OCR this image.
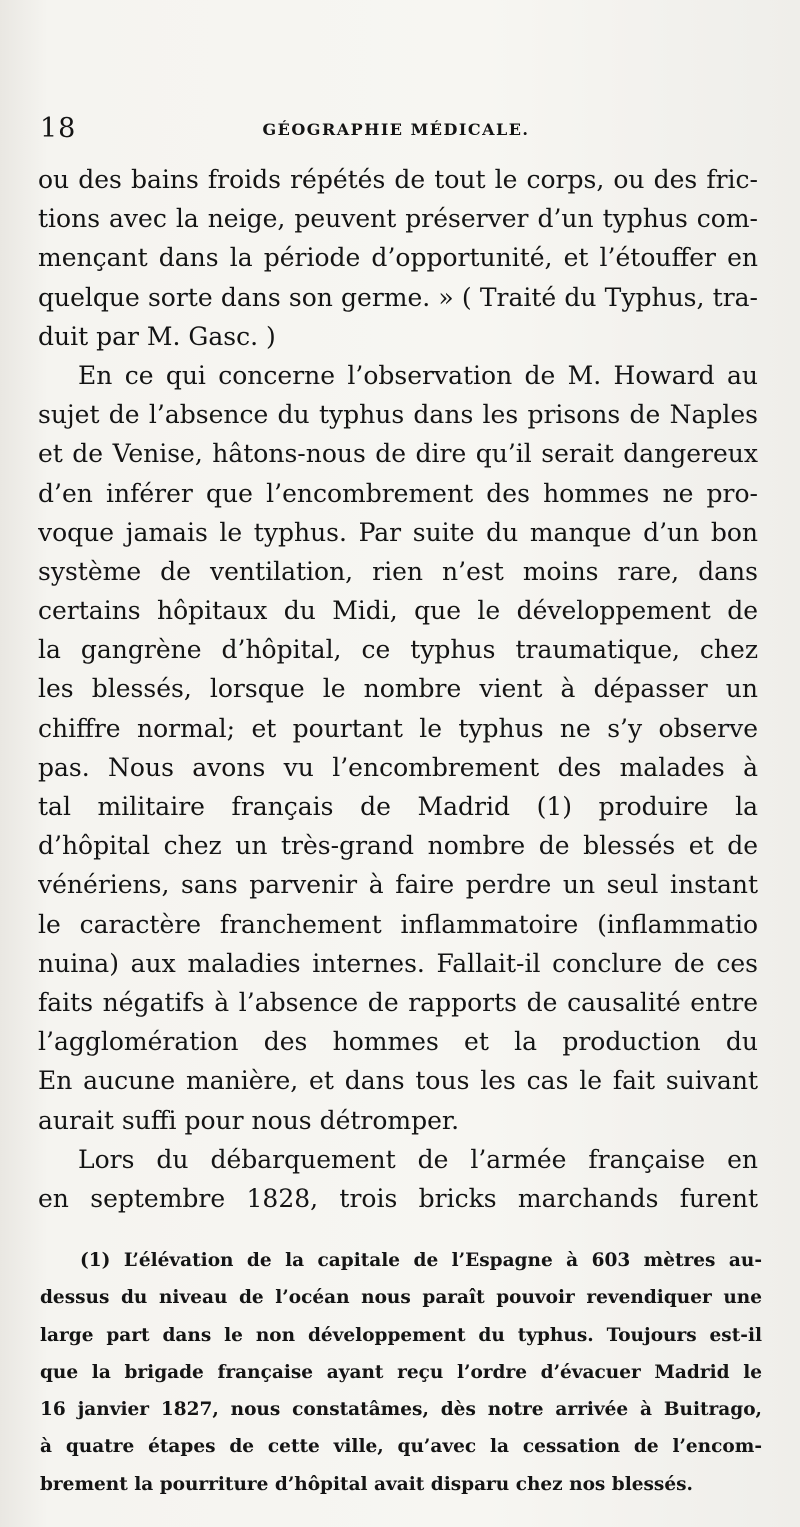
18	GÉOGRAPHIE MÉDICALE.
ou des bains froids répétés de tout le corps, ou des fric-
tions avec la neige, peuvent préserver d’un typhus com-
mençant dans la période d’opportunité, et l’étouffer en
quelque sorte dans son germe. » ( Traité du Typhus, tra-
duit par M. Gasc. )
En ce qui concerne l’observation de M. Howard au
sujet de l’absence du typhus dans les prisons de Naples
et de Venise, hâtons-nous de dire qu’il serait dangereux
d’en inférer que l’encombrement des hommes ne pro-
voque jamais le typhus. Par suite du manque d’un bon
système de ventilation, rien n’est moins rare, dans
certains hôpitaux du Midi, que le développement de
la gangrène d’hôpital, ce typhus traumatique, chez
les blessés, lorsque le nombre vient à dépasser un
chiffre normal; et pourtant le typhus ne s’y observe
pas. Nous avons vu l’encombrement des malades à
tal militaire français de Madrid (1) produire la
d’hôpital chez un très-grand nombre de blessés et de
vénériens, sans parvenir à faire perdre un seul instant
le caractère franchement inflammatoire (inflammatio
nuina) aux maladies internes. Fallait-il conclure de ces
faits négatifs à l’absence de rapports de causalité entre
l’agglomération des hommes et la production du
En aucune manière, et dans tous les cas le fait suivant
aurait suffi pour nous détromper.
Lors du débarquement de l’armée française en
en septembre 1828, trois bricks marchands furent
(1) L’élévation de la capitale de l’Espagne à 603 mètres au-
dessus du niveau de l’océan nous paraît pouvoir revendiquer une
large part dans le non développement du typhus. Toujours est-il
que la brigade française ayant reçu l’ordre d’évacuer Madrid le
16 janvier 1827, nous constatâmes, dès notre arrivée à Buitrago,
à quatre étapes de cette ville, qu’avec la cessation de l’encom-
brement la pourriture d’hôpital avait disparu chez nos blessés.
